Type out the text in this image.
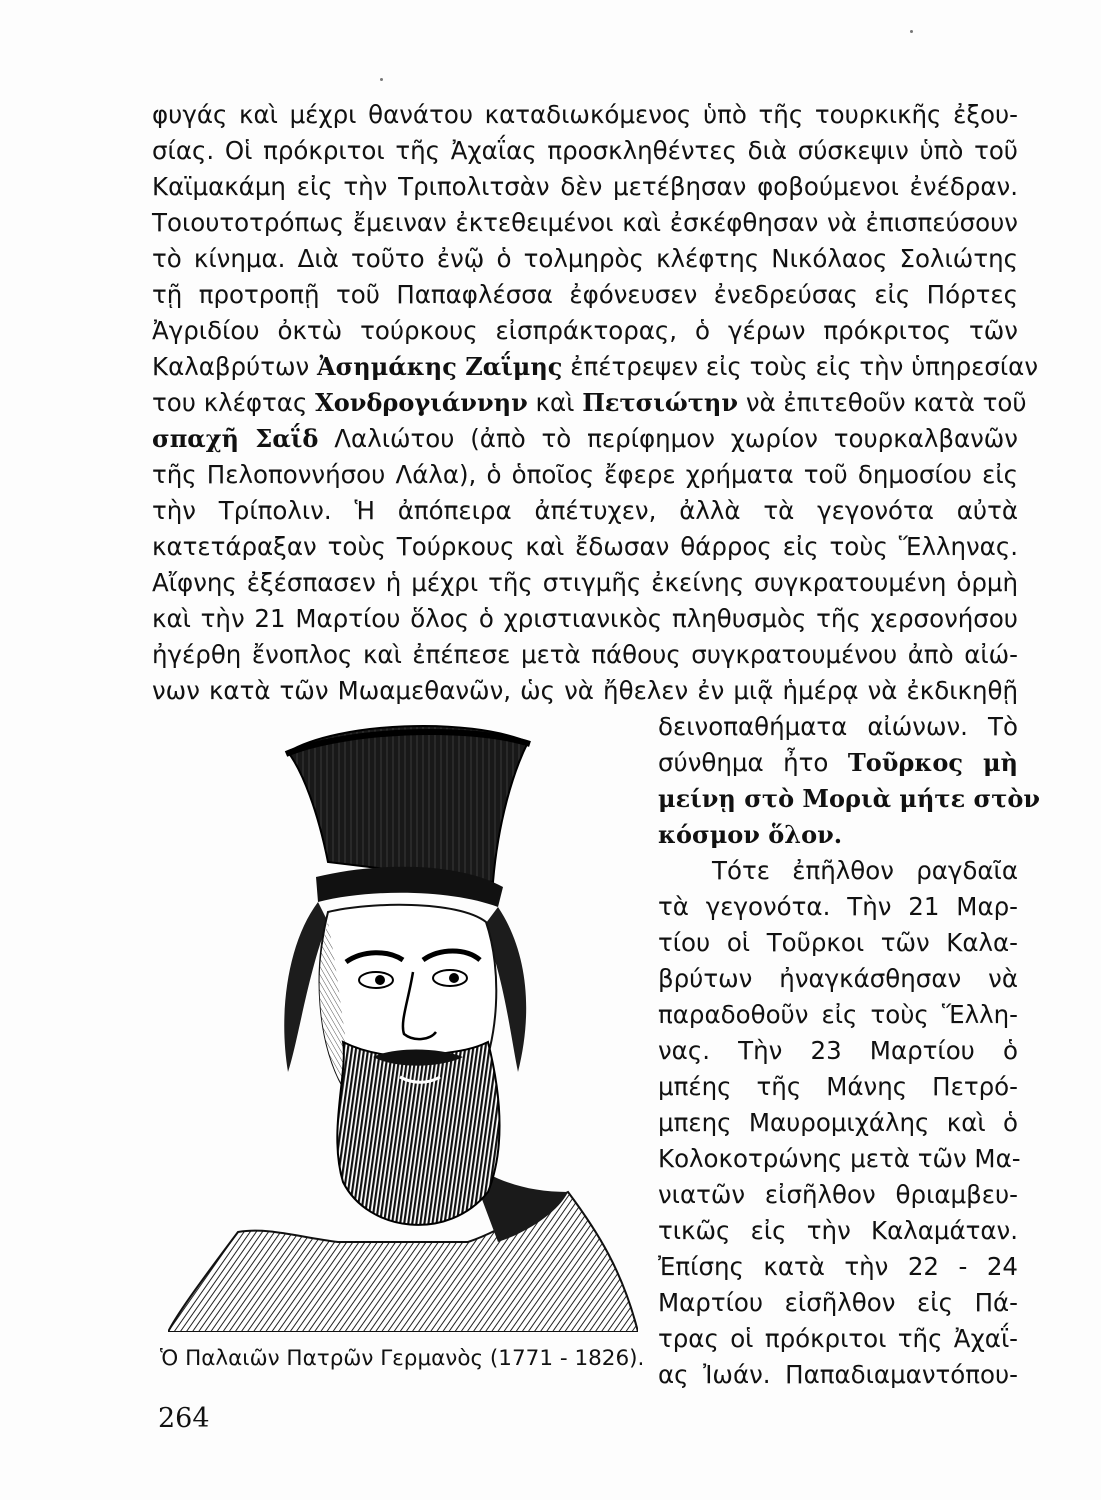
φυγάς καὶ μέχρι θανάτου καταδιωκόμενος ὑπὸ τῆς τουρκικῆς ἐξου-
σίας. Οἱ πρόκριτοι τῆς Ἀχαΐας προσκληθέντες διὰ σύσκεψιν ὑπὸ τοῦ
Καϊμακάμη εἰς τὴν Τριπολιτσὰν δὲν μετέβησαν φοβούμενοι ἐνέδραν.
Τοιουτοτρόπως ἔμειναν ἐκτεθειμένοι καὶ ἐσκέφθησαν νὰ ἐπισπεύσουν
τὸ κίνημα. Διὰ τοῦτο ἐνῷ ὁ τολμηρὸς κλέφτης Νικόλαος Σολιώτης
τῇ προτροπῇ τοῦ Παπαφλέσσα ἐφόνευσεν ἐνεδρεύσας εἰς Πόρτες
Ἀγριδίου ὀκτὼ τούρκους εἰσπράκτορας, ὁ γέρων πρόκριτος τῶν
Καλαβρύτων Ἀσημάκης Ζαΐμης ἐπέτρεψεν εἰς τοὺς εἰς τὴν ὑπηρεσίαν
του κλέφτας Χονδρογιάννην καὶ Πετσιώτην νὰ ἐπιτεθοῦν κατὰ τοῦ
σπαχῆ Σαΐδ Λαλιώτου (ἀπὸ τὸ περίφημον χωρίον τουρκαλβανῶν
τῆς Πελοποννήσου Λάλα), ὁ ὁποῖος ἔφερε χρήματα τοῦ δημοσίου εἰς
τὴν Τρίπολιν. Ἡ ἀπόπειρα ἀπέτυχεν, ἀλλὰ τὰ γεγονότα αὐτὰ
κατετάραξαν τοὺς Τούρκους καὶ ἔδωσαν θάρρος εἰς τοὺς Ἕλληνας.
Αἴφνης ἐξέσπασεν ἡ μέχρι τῆς στιγμῆς ἐκείνης συγκρατουμένη ὁρμὴ
καὶ τὴν 21 Μαρτίου ὅλος ὁ χριστιανικὸς πληθυσμὸς τῆς χερσονήσου
ἠγέρθη ἔνοπλος καὶ ἐπέπεσε μετὰ πάθους συγκρατουμένου ἀπὸ αἰώ-
νων κατὰ τῶν Μωαμεθανῶν, ὡς νὰ ἤθελεν ἐν μιᾷ ἡμέρᾳ νὰ ἐκδικηθῇ
δεινοπαθήματα αἰώνων. Τὸ
σύνθημα ἦτο Τοῦρκος μὴ
μείνῃ στὸ Μοριὰ μήτε στὸν
κόσμον ὅλον.
Τότε ἐπῆλθον ραγδαῖα
τὰ γεγονότα. Τὴν 21 Μαρ-
τίου οἱ Τοῦρκοι τῶν Καλα-
βρύτων ἠναγκάσθησαν νὰ
παραδοθοῦν εἰς τοὺς Ἕλλη-
νας. Τὴν 23 Μαρτίου ὁ
μπέης τῆς Μάνης Πετρό-
μπεης Μαυρομιχάλης καὶ ὁ
Κολοκοτρώνης μετὰ τῶν Μα-
νιατῶν εἰσῆλθον θριαμβευ-
τικῶς εἰς τὴν Καλαμάταν.
Ἐπίσης κατὰ τὴν 22 - 24
Μαρτίου εἰσῆλθον εἰς Πά-
τρας οἱ πρόκριτοι τῆς Ἀχαΐ-
ας Ἰωάν. Παπαδιαμαντόπου-
Ὁ Παλαιῶν Πατρῶν Γερμανὸς (1771 - 1826).
264
